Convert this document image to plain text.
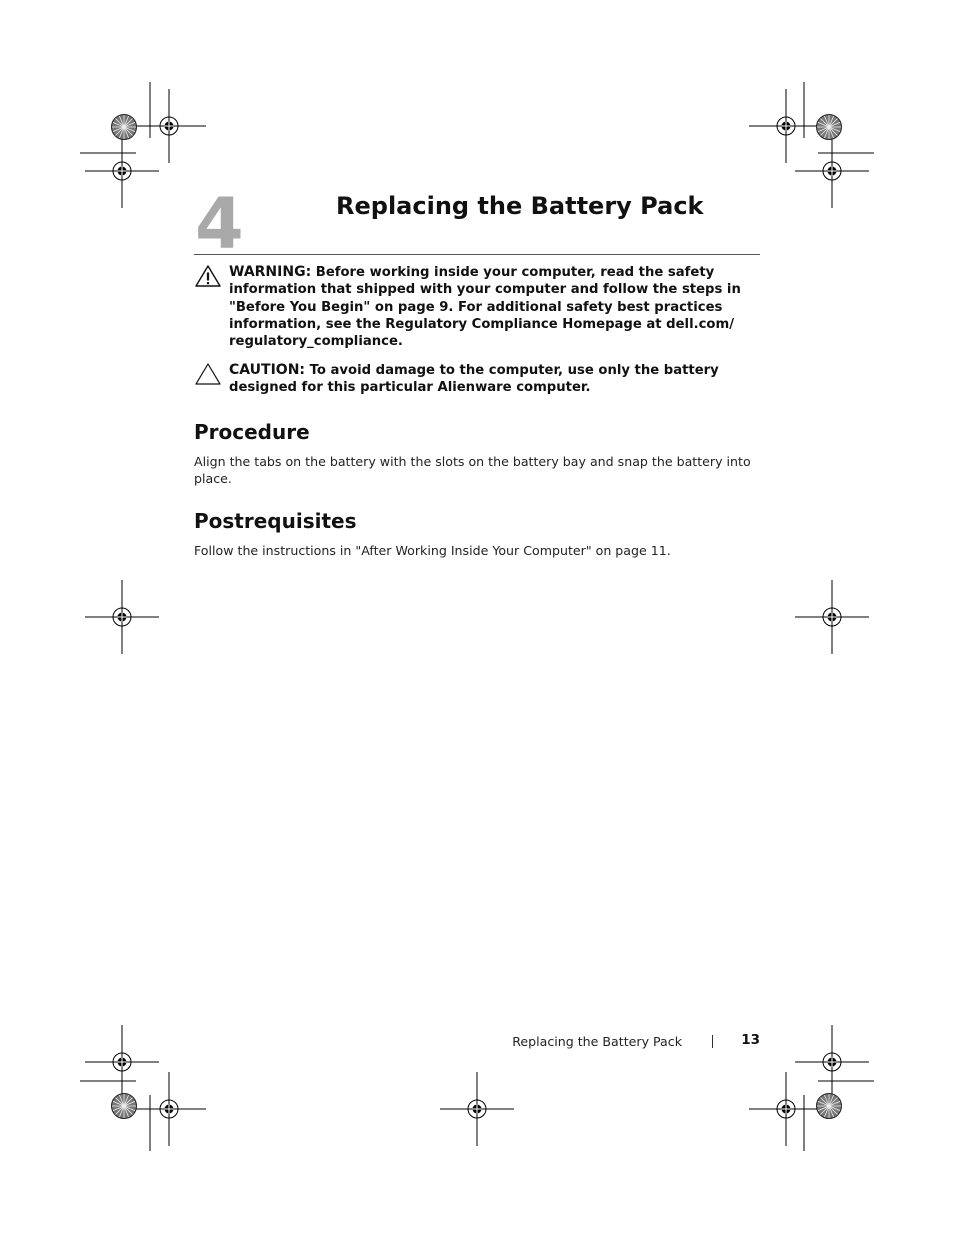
4	Replacing the Battery Pack
WARNING: Before working inside your computer, read the safety information that shipped with your computer and follow the steps in "Before You Begin" on page 9. For additional safety best practices information, see the Regulatory Compliance Homepage at dell.com/ regulatory_compliance.
CAUTION: To avoid damage to the computer, use only the battery designed for this particular Alienware computer.
Procedure
Align the tabs on the battery with the slots on the battery bay and snap the battery into place.
Postrequisites
Follow the instructions in "After Working Inside Your Computer" on page 11.
Replacing the Battery Pack	13
